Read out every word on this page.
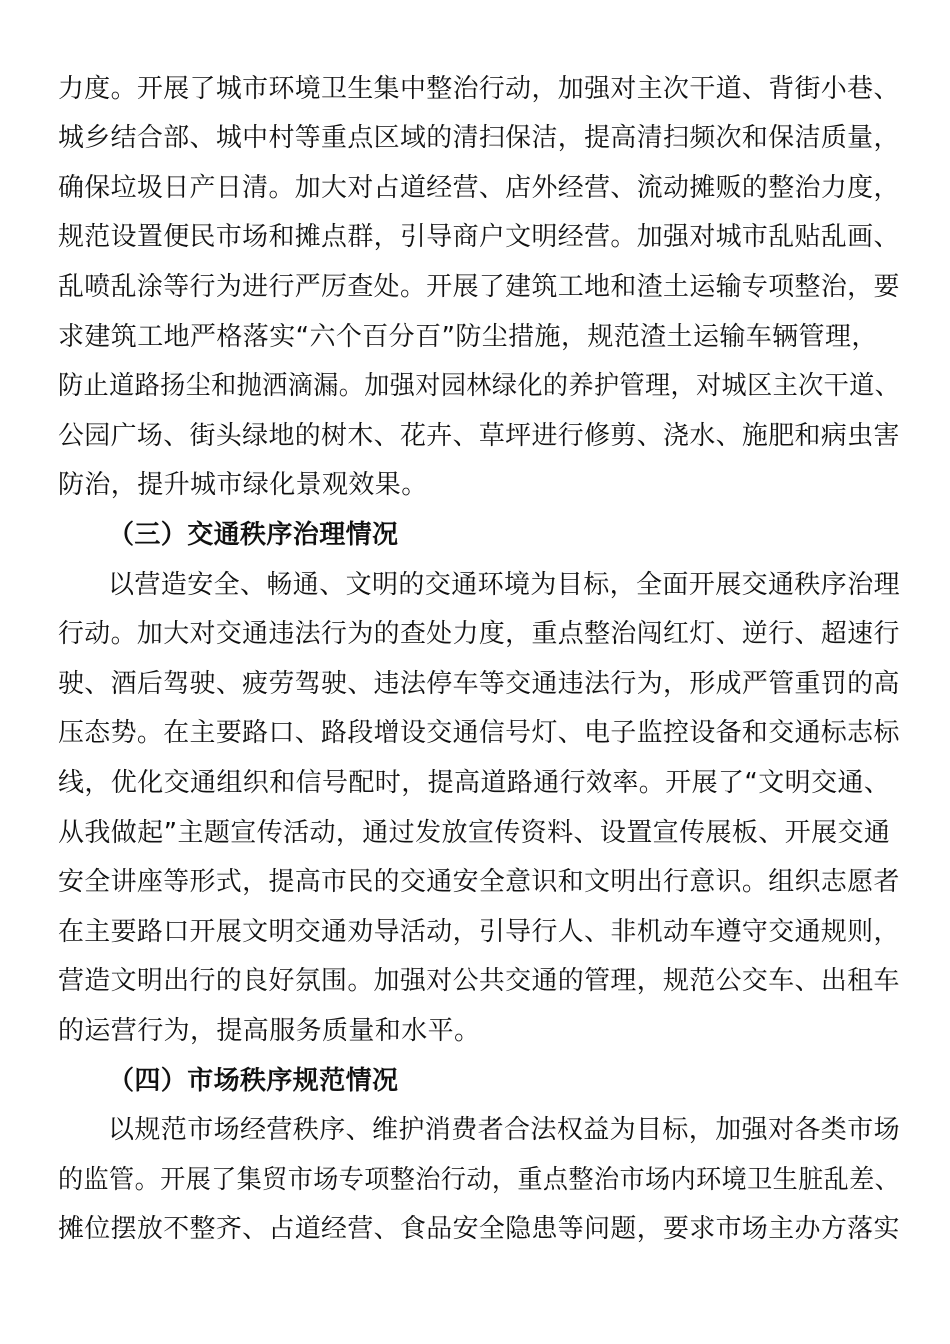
力度。开展了城市环境卫生集中整治行动，加强对主次干道、背街小巷、
城乡结合部、城中村等重点区域的清扫保洁，提高清扫频次和保洁质量，
确保垃圾日产日清。加大对占道经营、店外经营、流动摊贩的整治力度，
规范设置便民市场和摊点群，引导商户文明经营。加强对城市乱贴乱画、
乱喷乱涂等行为进行严厉查处。开展了建筑工地和渣土运输专项整治，要
求建筑工地严格落实“六个百分百”防尘措施，规范渣土运输车辆管理，
防止道路扬尘和抛洒滴漏。加强对园林绿化的养护管理，对城区主次干道、
公园广场、街头绿地的树木、花卉、草坪进行修剪、浇水、施肥和病虫害
防治，提升城市绿化景观效果。
（三）交通秩序治理情况
以营造安全、畅通、文明的交通环境为目标，全面开展交通秩序治理
行动。加大对交通违法行为的查处力度，重点整治闯红灯、逆行、超速行
驶、酒后驾驶、疲劳驾驶、违法停车等交通违法行为，形成严管重罚的高
压态势。在主要路口、路段增设交通信号灯、电子监控设备和交通标志标
线，优化交通组织和信号配时，提高道路通行效率。开展了“文明交通、
从我做起”主题宣传活动，通过发放宣传资料、设置宣传展板、开展交通
安全讲座等形式，提高市民的交通安全意识和文明出行意识。组织志愿者
在主要路口开展文明交通劝导活动，引导行人、非机动车遵守交通规则，
营造文明出行的良好氛围。加强对公共交通的管理，规范公交车、出租车
的运营行为，提高服务质量和水平。
（四）市场秩序规范情况
以规范市场经营秩序、维护消费者合法权益为目标，加强对各类市场
的监管。开展了集贸市场专项整治行动，重点整治市场内环境卫生脏乱差、
摊位摆放不整齐、占道经营、食品安全隐患等问题，要求市场主办方落实
